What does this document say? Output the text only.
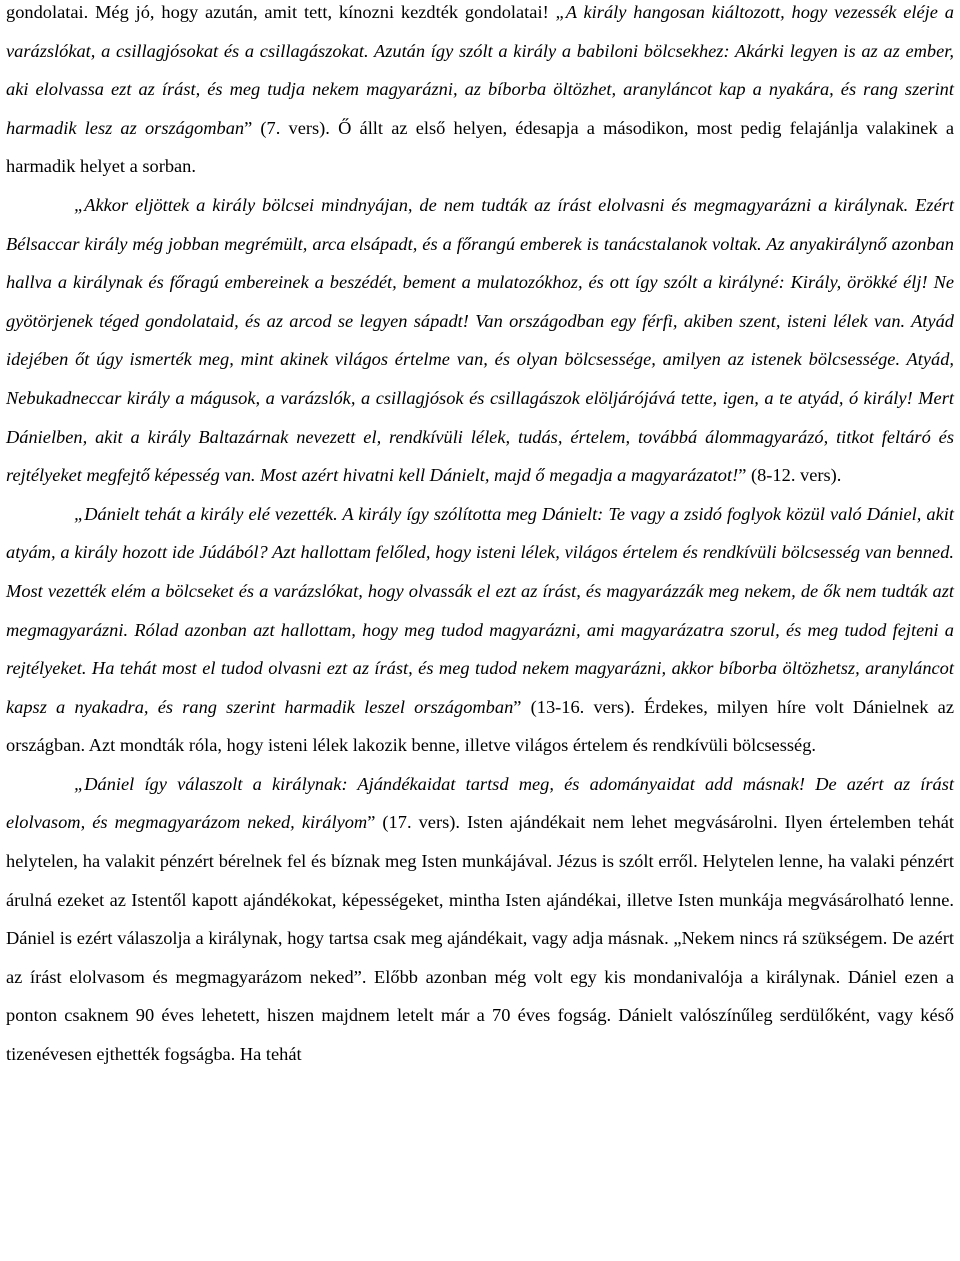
gondolatai. Még jó, hogy azután, amit tett, kínozni kezdték gondolatai! „A király hangosan kiáltozott, hogy vezessék eléje a varázslókat, a csillagjósokat és a csillagászokat. Azután így szólt a király a babiloni bölcsekhez: Akárki legyen is az az ember, aki elolvassa ezt az írást, és meg tudja nekem magyarázni, az bíborba öltözhet, aranyláncot kap a nyakára, és rang szerint harmadik lesz az országomban” (7. vers). Ő állt az első helyen, édesapja a másodikon, most pedig felajánlja valakinek a harmadik helyet a sorban.

„Akkor eljöttek a király bölcsei mindnyájan, de nem tudták az írást elolvasni és megmagyarázni a királynak. Ezért Bélsaccar király még jobban megrémült, arca elsápadt, és a főrangú emberek is tanácstalanok voltak. Az anyakirálynő azonban hallva a királynak és főragú embereinek a beszédét, bement a mulatozókhoz, és ott így szólt a királyné: Király, örökké élj! Ne gyötörjenek téged gondolataid, és az arcod se legyen sápadt! Van országodban egy férfi, akiben szent, isteni lélek van. Atyád idejében őt úgy ismerték meg, mint akinek világos értelme van, és olyan bölcsessége, amilyen az istenek bölcsessége. Atyád, Nebukadneccar király a mágusok, a varázslók, a csillagjósok és csillagászok elöljárójává tette, igen, a te atyád, ó király! Mert Dánielben, akit a király Baltazárnak nevezett el, rendkívüli lélek, tudás, értelem, továbbá álommagyarázó, titkot feltáró és rejtélyeket megfejtő képesség van. Most azért hivatni kell Dánielt, majd ő megadja a magyarázatot!” (8-12. vers).

„Dánielt tehát a király elé vezették. A király így szólította meg Dánielt: Te vagy a zsidó foglyok közül való Dániel, akit atyám, a király hozott ide Júdából? Azt hallottam felőled, hogy isteni lélek, világos értelem és rendkívüli bölcsesség van benned. Most vezették elém a bölcseket és a varázslókat, hogy olvassák el ezt az írást, és magyarázzák meg nekem, de ők nem tudták azt megmagyarázni. Rólad azonban azt hallottam, hogy meg tudod magyarázni, ami magyarázatra szorul, és meg tudod fejteni a rejtélyeket. Ha tehát most el tudod olvasni ezt az írást, és meg tudod nekem magyarázni, akkor bíborba öltözhetsz, aranyláncot kapsz a nyakadra, és rang szerint harmadik leszel országomban” (13-16. vers). Érdekes, milyen híre volt Dánielnek az országban. Azt mondták róla, hogy isteni lélek lakozik benne, illetve világos értelem és rendkívüli bölcsesség.

„Dániel így válaszolt a királynak: Ajándékaidat tartsd meg, és adományaidat add másnak! De azért az írást elolvasom, és megmagyarázom neked, királyom” (17. vers). Isten ajándékait nem lehet megvásárolni. Ilyen értelemben tehát helytelen, ha valakit pénzért bérelnek fel és bíznak meg Isten munkájával. Jézus is szólt erről. Helytelen lenne, ha valaki pénzért árulná ezeket az Istentől kapott ajándékokat, képességeket, mintha Isten ajándékai, illetve Isten munkája megvásárolható lenne. Dániel is ezért válaszolja a királynak, hogy tartsa csak meg ajándékait, vagy adja másnak. „Nekem nincs rá szükségem. De azért az írást elolvasom és megmagyarázom neked”. Előbb azonban még volt egy kis mondanivalója a királynak. Dániel ezen a ponton csaknem 90 éves lehetett, hiszen majdnem letelt már a 70 éves fogság. Dánielt valószínűleg serdülőként, vagy késő tizenévesen ejthették fogságba. Ha tehát
